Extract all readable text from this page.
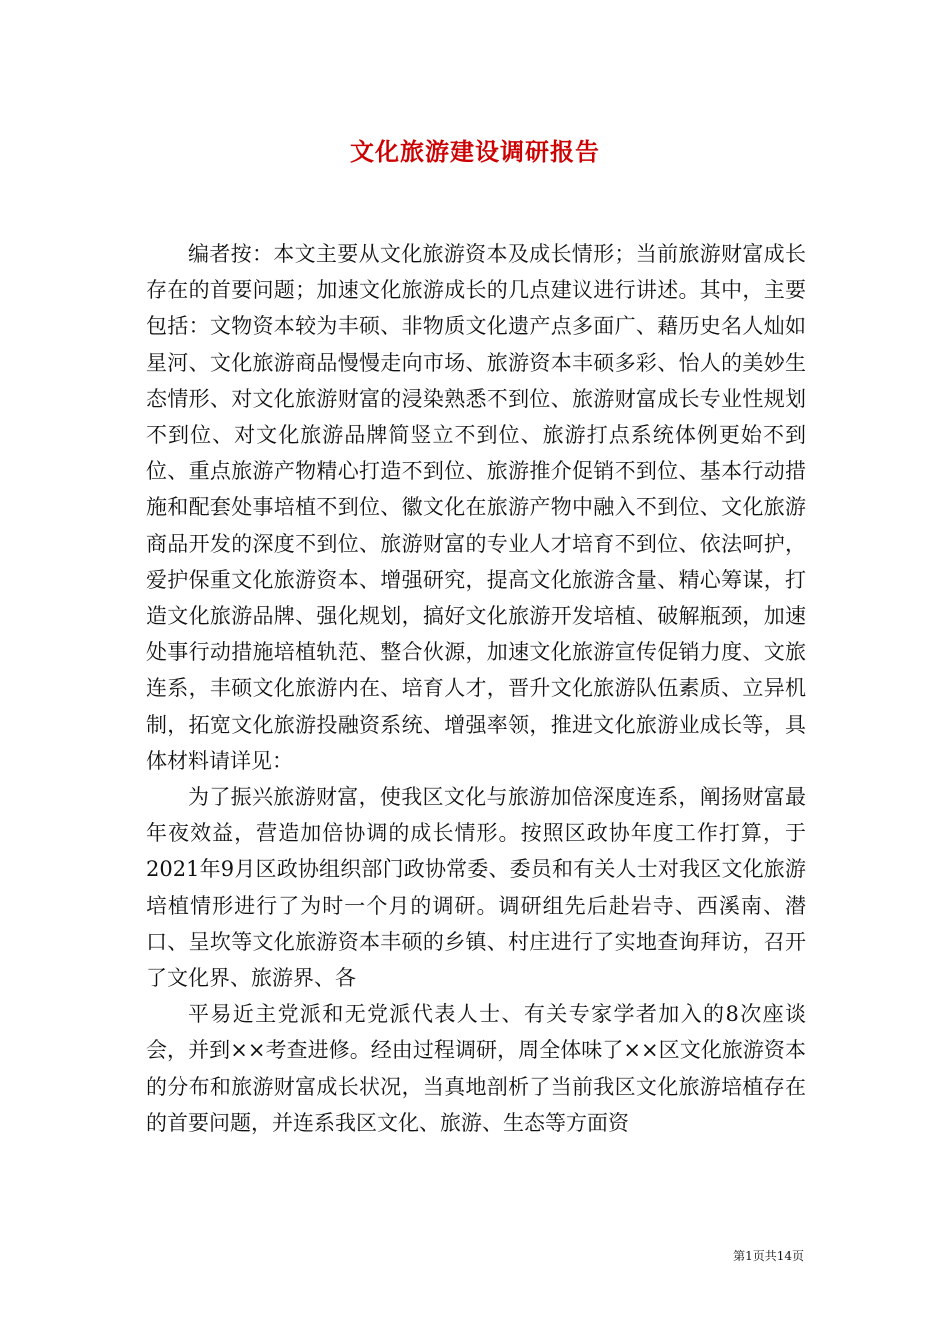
文化旅游建设调研报告

编者按：本文主要从文化旅游资本及成长情形；当前旅游财富成长存在的首要问题；加速文化旅游成长的几点建议进行讲述。其中，主要包括：文物资本较为丰硕、非物质文化遗产点多面广、藉历史名人灿如星河、文化旅游商品慢慢走向市场、旅游资本丰硕多彩、怡人的美妙生态情形、对文化旅游财富的浸染熟悉不到位、旅游财富成长专业性规划不到位、对文化旅游品牌简竖立不到位、旅游打点系统体例更始不到位、重点旅游产物精心打造不到位、旅游推介促销不到位、基本行动措施和配套处事培植不到位、徽文化在旅游产物中融入不到位、文化旅游商品开发的深度不到位、旅游财富的专业人才培育不到位、依法呵护，爱护保重文化旅游资本、增强研究，提高文化旅游含量、精心筹谋，打造文化旅游品牌、强化规划，搞好文化旅游开发培植、破解瓶颈，加速处事行动措施培植轨范、整合伙源，加速文化旅游宣传促销力度、文旅连系，丰硕文化旅游内在、培育人才，晋升文化旅游队伍素质、立异机制，拓宽文化旅游投融资系统、增强率领，推进文化旅游业成长等，具体材料请详见：

为了振兴旅游财富，使我区文化与旅游加倍深度连系，阐扬财富最年夜效益，营造加倍协调的成长情形。按照区政协年度工作打算，于2021年9月区政协组织部门政协常委、委员和有关人士对我区文化旅游培植情形进行了为时一个月的调研。调研组先后赴岩寺、西溪南、潜口、呈坎等文化旅游资本丰硕的乡镇、村庄进行了实地查询拜访，召开了文化界、旅游界、各

平易近主党派和无党派代表人士、有关专家学者加入的8次座谈会，并到××考查进修。经由过程调研，周全体味了××区文化旅游资本的分布和旅游财富成长状况，当真地剖析了当前我区文化旅游培植存在的首要问题，并连系我区文化、旅游、生态等方面资

第1页共14页
